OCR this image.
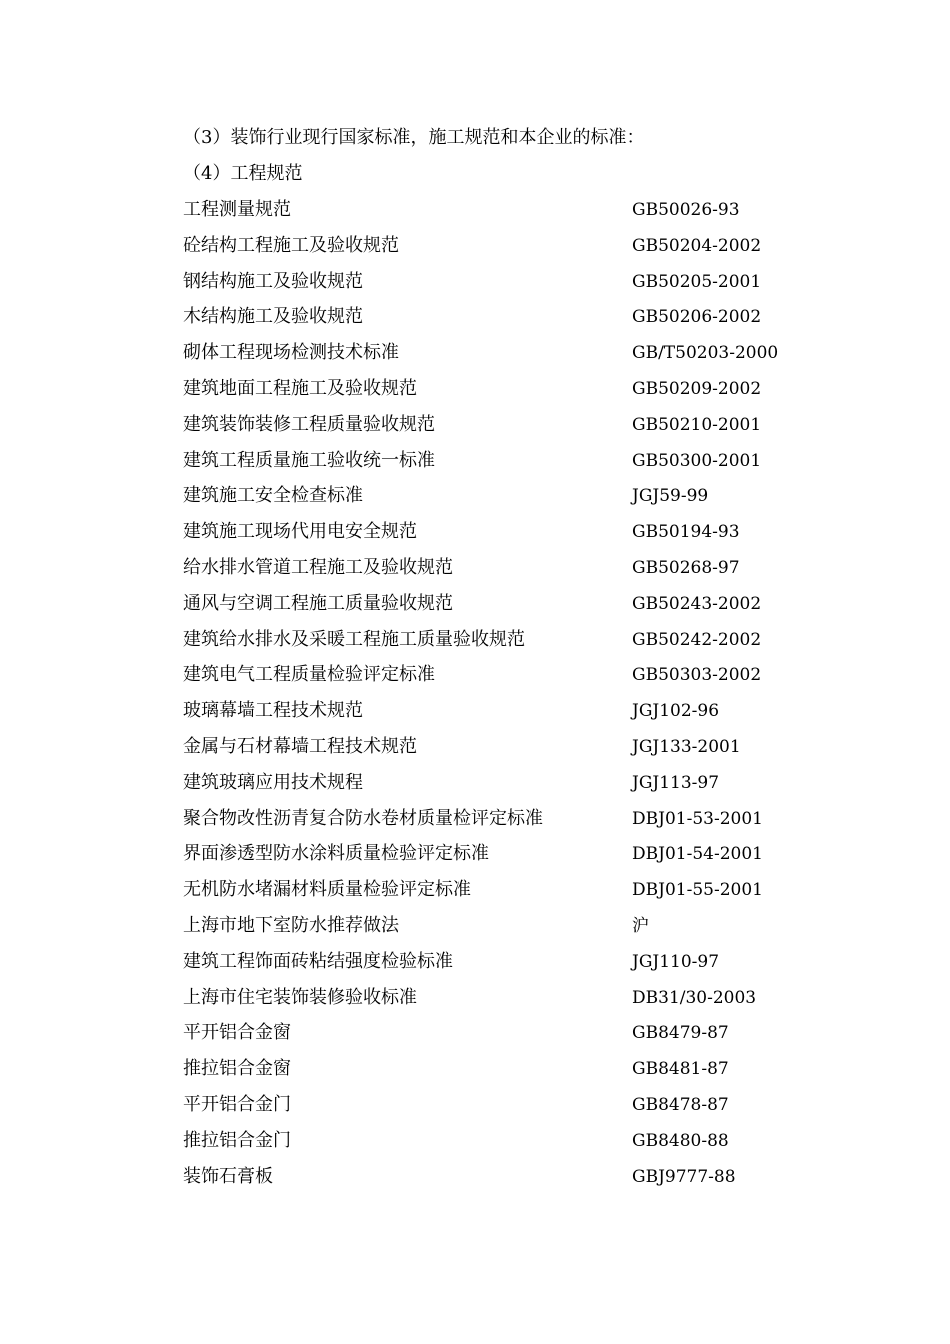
（3）装饰行业现行国家标准，施工规范和本企业的标准：
（4）工程规范
工程测量规范	GB50026-93
砼结构工程施工及验收规范	GB50204-2002
钢结构施工及验收规范	GB50205-2001
木结构施工及验收规范	GB50206-2002
砌体工程现场检测技术标准	GB/T50203-2000
建筑地面工程施工及验收规范	GB50209-2002
建筑装饰装修工程质量验收规范	GB50210-2001
建筑工程质量施工验收统一标准	GB50300-2001
建筑施工安全检查标准	JGJ59-99
建筑施工现场代用电安全规范	GB50194-93
给水排水管道工程施工及验收规范	GB50268-97
通风与空调工程施工质量验收规范	GB50243-2002
建筑给水排水及采暖工程施工质量验收规范	GB50242-2002
建筑电气工程质量检验评定标准	GB50303-2002
玻璃幕墙工程技术规范	JGJ102-96
金属与石材幕墙工程技术规范	JGJ133-2001
建筑玻璃应用技术规程	JGJ113-97
聚合物改性沥青复合防水卷材质量检评定标准	DBJ01-53-2001
界面渗透型防水涂料质量检验评定标准	DBJ01-54-2001
无机防水堵漏材料质量检验评定标准	DBJ01-55-2001
上海市地下室防水推荐做法	沪
建筑工程饰面砖粘结强度检验标准	JGJ110-97
上海市住宅装饰装修验收标准	DB31/30-2003
平开铝合金窗	GB8479-87
推拉铝合金窗	GB8481-87
平开铝合金门	GB8478-87
推拉铝合金门	GB8480-88
装饰石膏板	GBJ9777-88
